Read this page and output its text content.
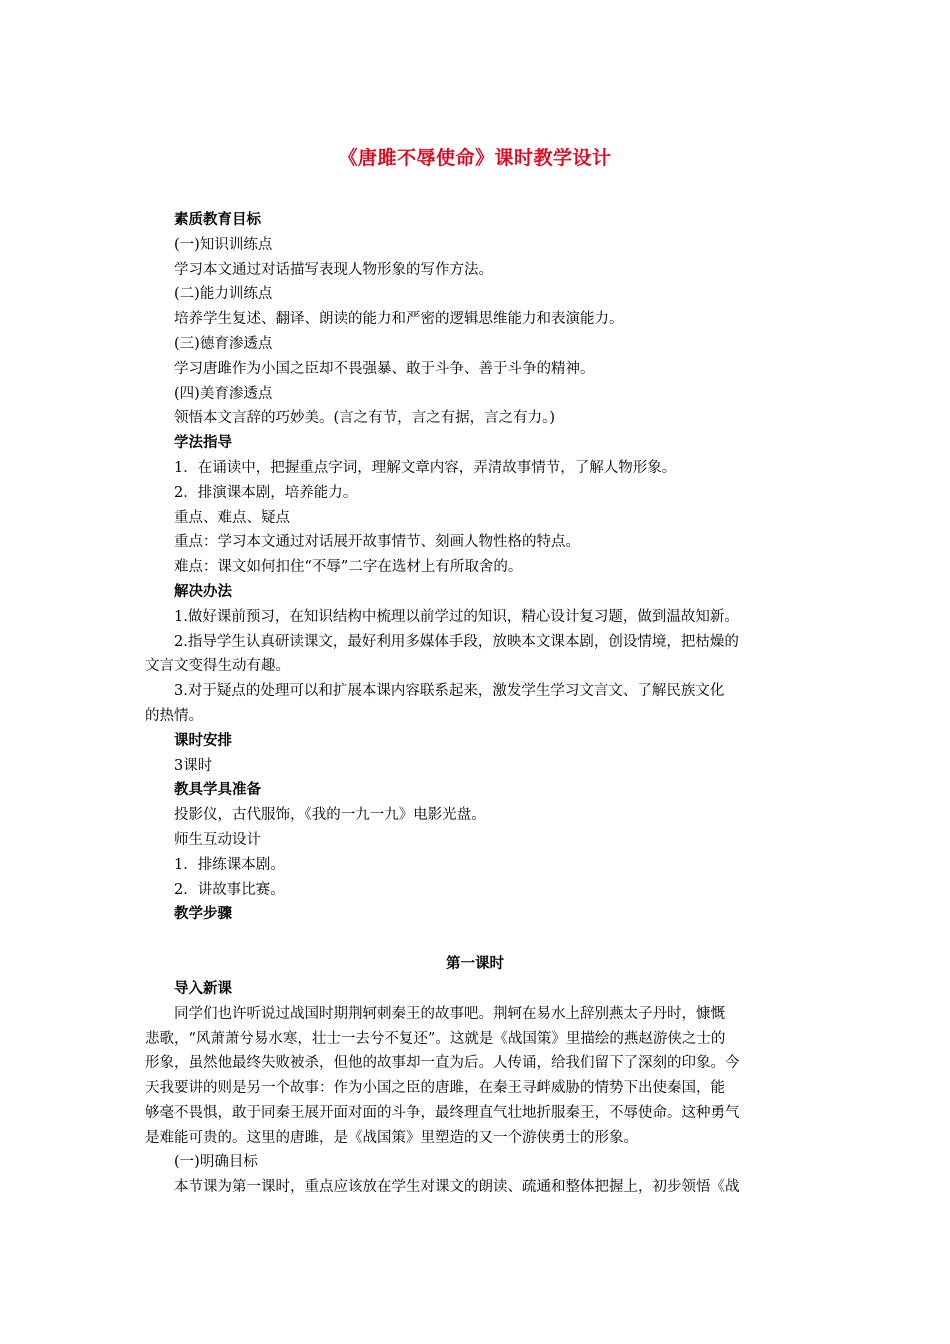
《唐雎不辱使命》课时教学设计
素质教育目标
(一)知识训练点
学习本文通过对话描写表现人物形象的写作方法。
(二)能力训练点
培养学生复述、翻译、朗读的能力和严密的逻辑思维能力和表演能力。
(三)德育渗透点
学习唐雎作为小国之臣却不畏强暴、敢于斗争、善于斗争的精神。
(四)美育渗透点
领悟本文言辞的巧妙美。(言之有节，言之有据，言之有力。)
学法指导
1．在诵读中，把握重点字词，理解文章内容，弄清故事情节，了解人物形象。
2．排演课本剧，培养能力。
重点、难点、疑点
重点：学习本文通过对话展开故事情节、刻画人物性格的特点。
难点：课文如何扣住“不辱”二字在选材上有所取舍的。
解决办法
1.做好课前预习，在知识结构中梳理以前学过的知识，精心设计复习题，做到温故知新。
2.指导学生认真研读课文，最好利用多媒体手段，放映本文课本剧，创设情境，把枯燥的
文言文变得生动有趣。
3.对于疑点的处理可以和扩展本课内容联系起来，激发学生学习文言文、了解民族文化
的热情。
课时安排
3课时
教具学具准备
投影仪，古代服饰，《我的一九一九》电影光盘。
师生互动设计
1．排练课本剧。
2．讲故事比赛。
教学步骤
第一课时
导入新课
同学们也许听说过战国时期荆轲刺秦王的故事吧。荆轲在易水上辞别燕太子丹时，慷慨
悲歌，“风萧萧兮易水寒，壮士一去兮不复还”。这就是《战国策》里描绘的燕赵游侠之士的
形象，虽然他最终失败被杀，但他的故事却一直为后。人传诵，给我们留下了深刻的印象。今
天我要讲的则是另一个故事：作为小国之臣的唐雎，在秦王寻衅威胁的情势下出使秦国，能
够毫不畏惧，敢于同秦王展开面对面的斗争，最终理直气壮地折服秦王，不辱使命。这种勇气
是难能可贵的。这里的唐雎，是《战国策》里塑造的又一个游侠勇士的形象。
(一)明确目标
本节课为第一课时，重点应该放在学生对课文的朗读、疏通和整体把握上，初步领悟《战
